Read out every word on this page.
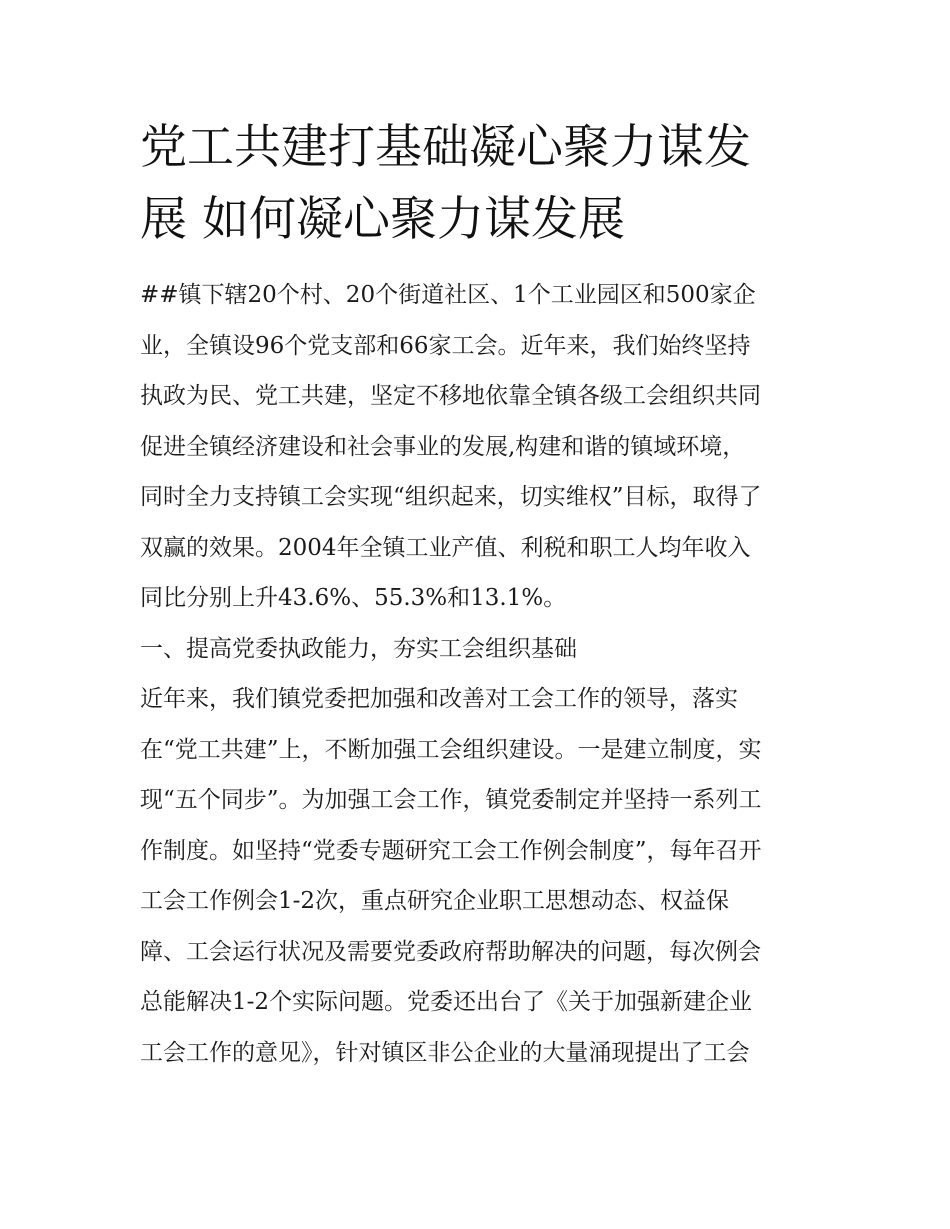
党工共建打基础凝心聚力谋发
展 如何凝心聚力谋发展

##镇下辖20个村、20个街道社区、1个工业园区和500家企
业，全镇设96个党支部和66家工会。近年来，我们始终坚持
执政为民、党工共建，坚定不移地依靠全镇各级工会组织共同
促进全镇经济建设和社会事业的发展,构建和谐的镇域环境，
同时全力支持镇工会实现“组织起来，切实维权”目标，取得了
双赢的效果。2004年全镇工业产值、利税和职工人均年收入
同比分别上升43.6%、55.3%和13.1%。

一、提高党委执政能力，夯实工会组织基础

近年来，我们镇党委把加强和改善对工会工作的领导，落实
在“党工共建”上，不断加强工会组织建设。一是建立制度，实
现“五个同步”。为加强工会工作，镇党委制定并坚持一系列工
作制度。如坚持“党委专题研究工会工作例会制度”，每年召开
工会工作例会1-2次，重点研究企业职工思想动态、权益保
障、工会运行状况及需要党委政府帮助解决的问题，每次例会
总能解决1-2个实际问题。党委还出台了《关于加强新建企业
工会工作的意见》，针对镇区非公企业的大量涌现提出了工会
